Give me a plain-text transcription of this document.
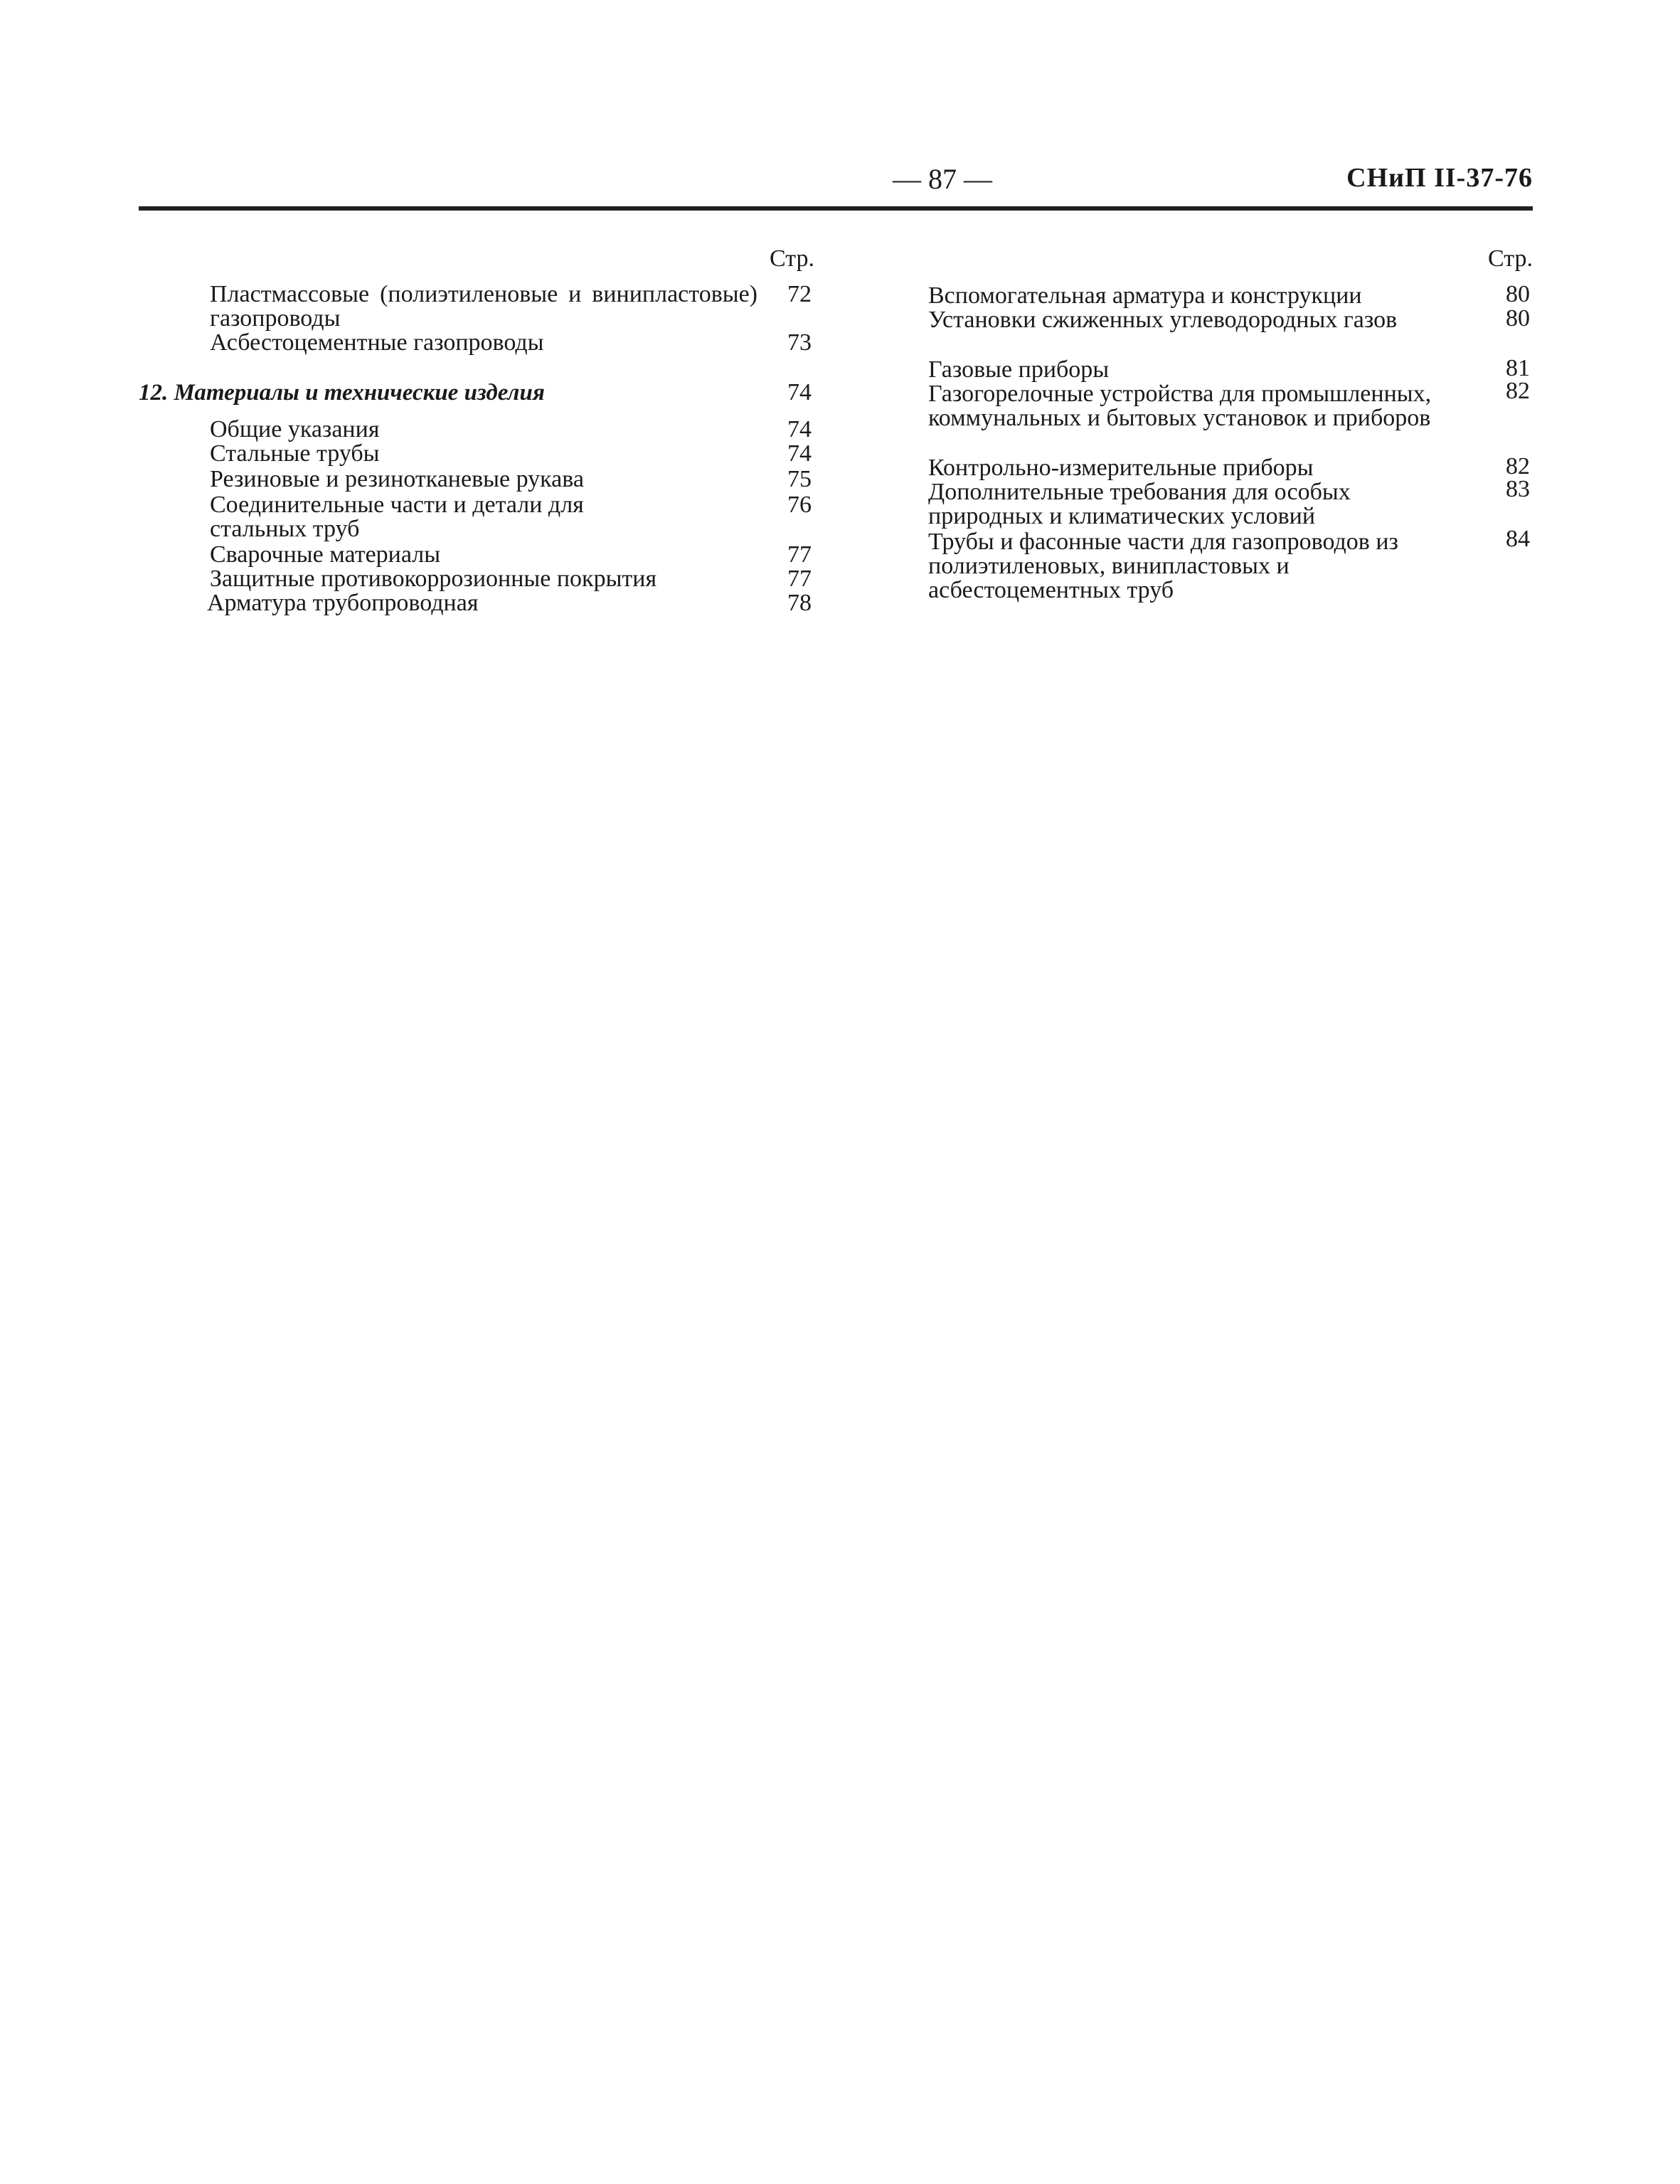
— 87 —	СНиП II-37-76
Стр.
Пластмассовые (полиэтиленовые и винипластовые) газопроводы
72
Асбестоцементные газопроводы	73
12. Материалы и технические изделия	74
Общие указания	74
Стальные трубы	74
Резиновые и резинотканевые рукава	75
Соединительные части и детали для стальных труб
76
Сварочные материалы	77
Защитные противокоррозионные покрытия	77
Арматура трубопроводная	78
Стр.
Вспомогательная арматура и конструкции	80
Установки сжиженных углеводородных газов	80
Газовые приборы	81
Газогорелочные устройства для промышленных, коммунальных и бытовых установок и приборов
82
Контрольно-измерительные приборы	82
Дополнительные требования для особых природных и климатических условий
83
Трубы и фасонные части для газопроводов из полиэтиленовых, винипластовых и асбестоцементных труб
84
